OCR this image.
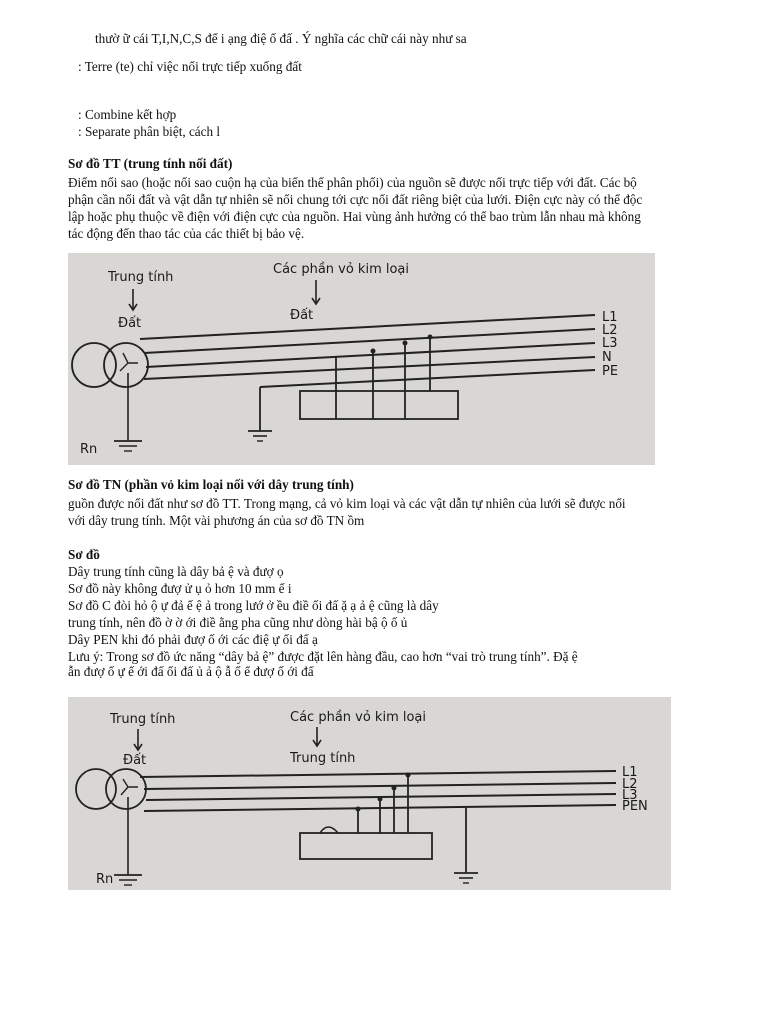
thườ ữ cái T,I,N,C,S để i ạng điệ ố đấ . Ý nghĩa các chữ cái này như sa
: Terre (te) chỉ việc nối trực tiếp xuống đất
: Combine kết hợp
: Separate phân biệt, cách l
Sơ đồ TT (trung tính nối đất)
Điểm nối sao (hoặc nối sao cuộn hạ của biến thế phân phối) của nguồn sẽ được nối trực tiếp với đất. Các bộ
phận cần nối đất và vật dẫn tự nhiên sẽ nối chung tới cực nối đất riêng biệt của lưới. Điện cực này có thể độc
lập hoặc phụ thuộc về điện với điện cực của nguồn. Hai vùng ảnh hưởng có thể bao trùm lẫn nhau mà không
tác động đến thao tác của các thiết bị bảo vệ.
Trung tính
Đất
Các phần vỏ kim loại
Đất
Rn
L1
L2
L3
N
PE
Sơ đồ TN (phần vỏ kim loại nối với dây trung tính)
guồn được nối đất như sơ đồ TT. Trong mạng, cả vỏ kim loại và các vật dẫn tự nhiên của lưới sẽ được nối
với dây trung tính. Một vài phương án của sơ đồ TN ồm
Sơ đồ
Dây trung tính cũng là dây bả ệ và đượ ọ
Sơ đồ này không đượ ử ụ ỏ hơn 10 mm ế i
Sơ đồ C đòi hỏ ộ ự đả ế ệ ả trong lướ ở ều điề ối đấ ặ ạ ả ệ cũng là dây
trung tính, nên đồ ờ ờ ới điề ằng pha cũng như dòng hài bậ ộ ố ủ
Dây PEN khi đó phải đượ ố ới các điệ ự ối đấ ạ
Lưu ý: Trong sơ đồ ức năng “dây bả ệ” được đặt lên hàng đầu, cao hơn “vai trò trung tính”. Đặ ệ
ẫn đượ ố ự ế ới đấ ối đấ ủ ả ộ ẫ ố ể đượ ố ới đấ
Trung tính
Đất
Các phần vỏ kim loại
Trung tính
Rn
L1
L2
L3
PEN
